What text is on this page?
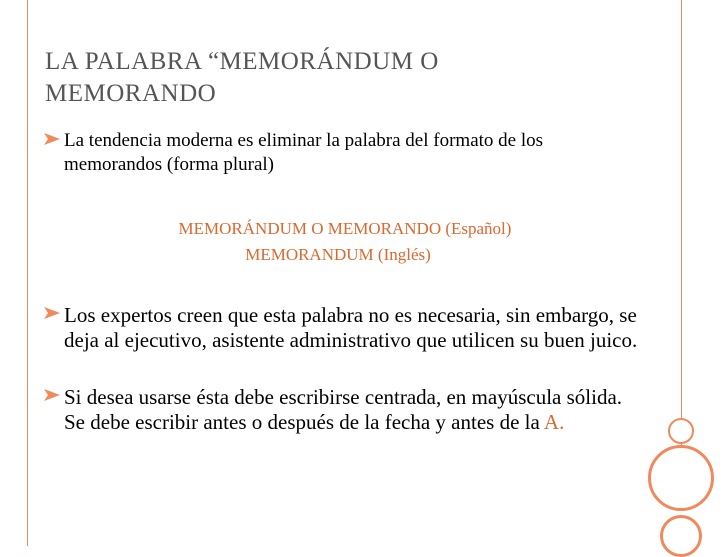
LA PALABRA “MEMORÁNDUM O
MEMORANDO
La tendencia moderna es eliminar la palabra del formato de los memorandos (forma plural)
MEMORÁNDUM O MEMORANDO (Español)
MEMORANDUM (Inglés)
Los expertos creen que esta palabra no es necesaria, sin embargo, se deja al ejecutivo, asistente administrativo que utilicen su buen juico.
Si desea usarse ésta debe escribirse centrada, en mayúscula sólida. Se debe escribir antes o después de la fecha y antes de la A.
